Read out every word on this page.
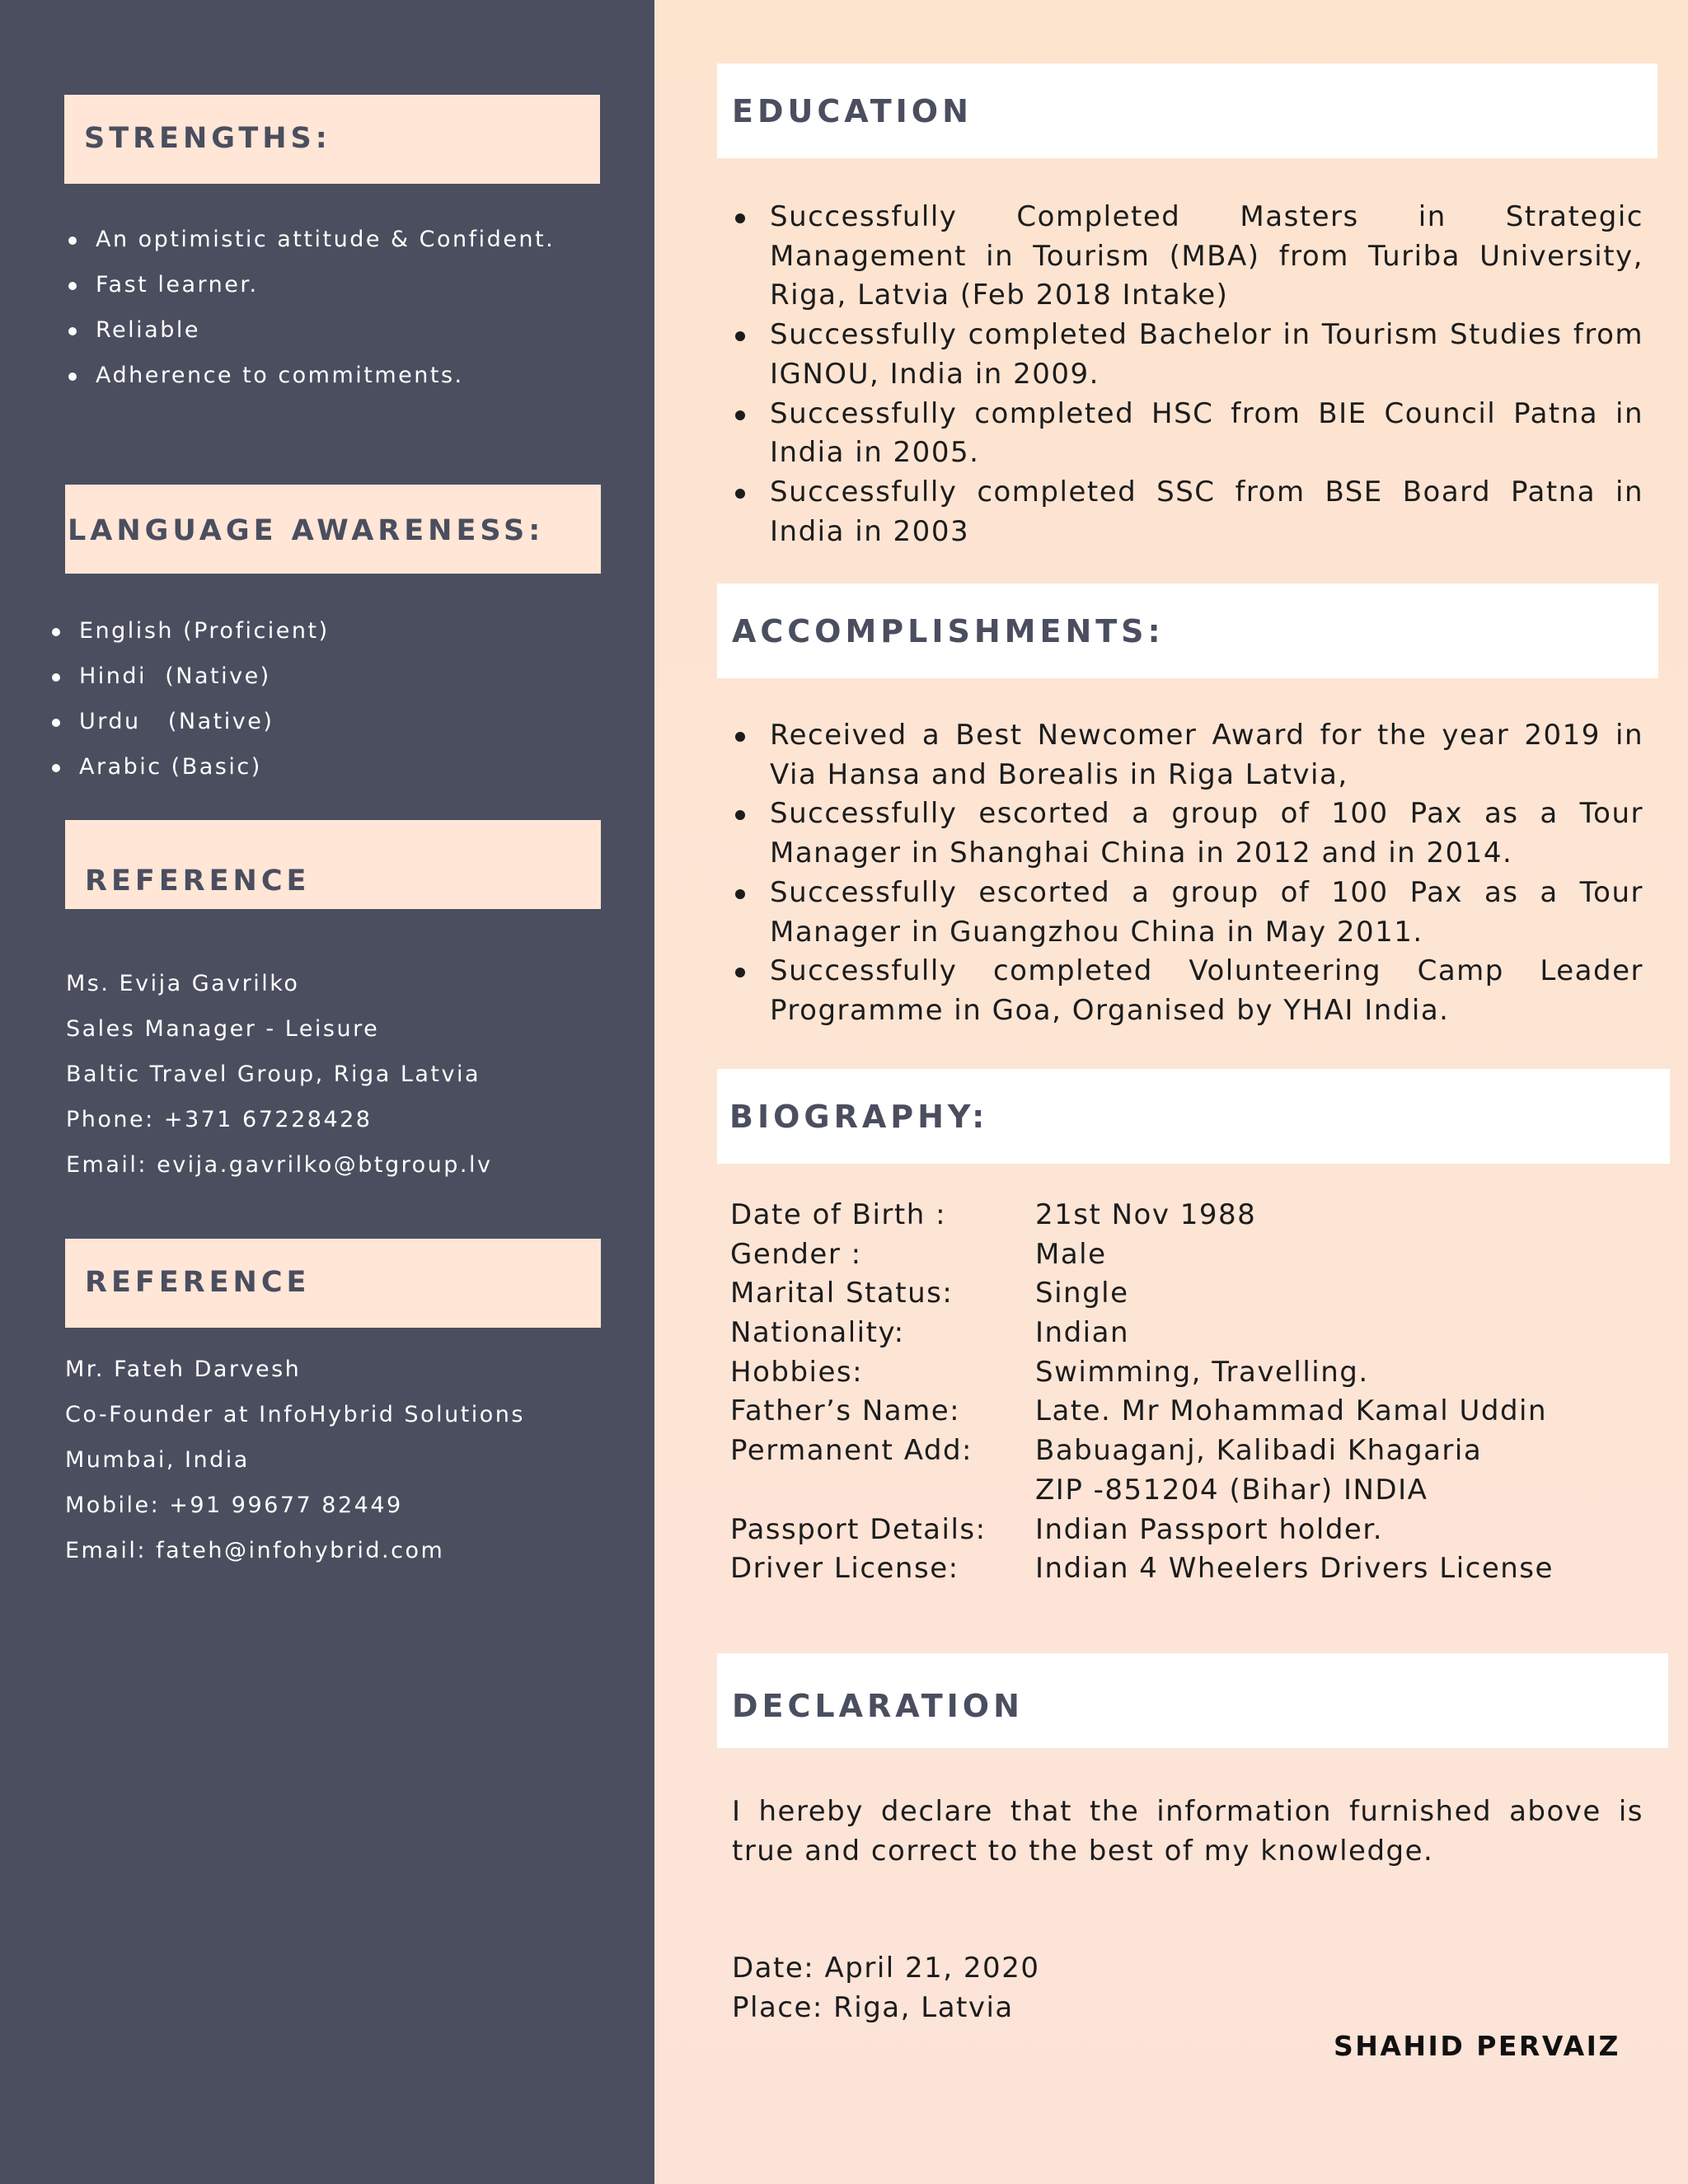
STRENGTHS:
An optimistic attitude & Confident.
Fast learner.
Reliable
Adherence to commitments.
LANGUAGE AWARENESS:
English (Proficient)
Hindi  (Native)
Urdu   (Native)
Arabic (Basic)
REFERENCE
Ms. Evija Gavrilko
Sales Manager - Leisure
Baltic Travel Group, Riga Latvia
Phone: +371 67228428
Email: evija.gavrilko@btgroup.lv
REFERENCE
Mr. Fateh Darvesh
Co-Founder at InfoHybrid Solutions
Mumbai, India
Mobile: +91 99677 82449
Email: fateh@infohybrid.com
EDUCATION
Successfully Completed Masters in Strategic Management in Tourism (MBA) from Turiba University, Riga, Latvia (Feb 2018 Intake)
Successfully completed Bachelor in Tourism Studies from IGNOU, India in 2009.
Successfully completed HSC from BIE Council Patna in India in 2005.
Successfully completed SSC from BSE Board Patna in India in 2003
ACCOMPLISHMENTS:
Received a Best Newcomer Award for the year 2019 in Via Hansa and Borealis in Riga Latvia,
Successfully escorted a group of 100 Pax as a Tour Manager in Shanghai China in 2012 and in 2014.
Successfully escorted a group of 100 Pax as a Tour Manager in Guangzhou China in May 2011.
Successfully completed Volunteering Camp Leader Programme in Goa, Organised by YHAI India.
BIOGRAPHY:
Date of Birth :	21st Nov 1988
Gender :	Male
Marital Status:	Single
Nationality:	Indian
Hobbies:	Swimming, Travelling.
Father’s Name:	Late. Mr Mohammad Kamal Uddin
Permanent Add: Babuaganj, Kalibadi Khagaria
ZIP -851204 (Bihar) INDIA
Passport Details: Indian Passport holder.
Driver License:	Indian 4 Wheelers Drivers License
DECLARATION
I hereby declare that the information furnished above is true and correct to the best of my knowledge.
Date: April 21, 2020
Place: Riga, Latvia
SHAHID PERVAIZ
